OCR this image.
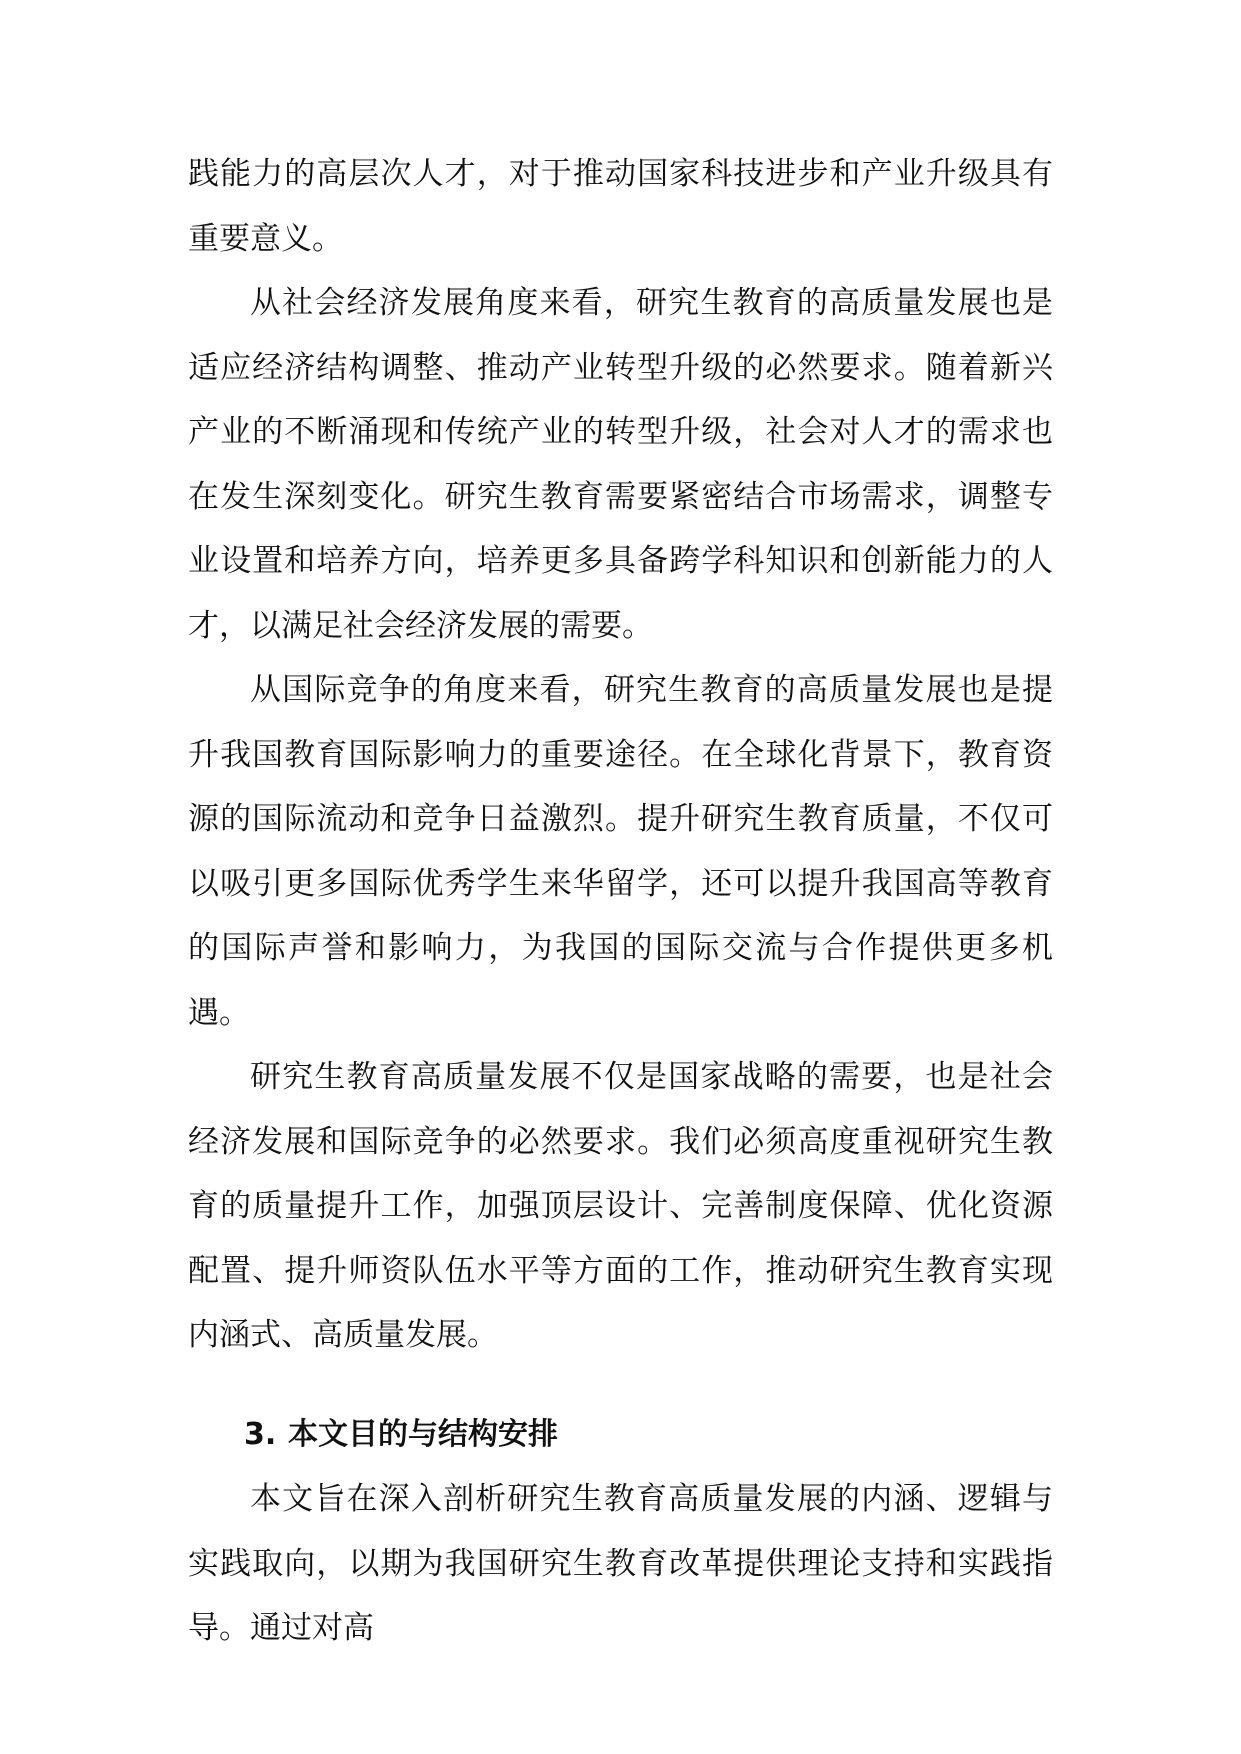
践能力的高层次人才，对于推动国家科技进步和产业升级具有重要意义。

从社会经济发展角度来看，研究生教育的高质量发展也是适应经济结构调整、推动产业转型升级的必然要求。随着新兴产业的不断涌现和传统产业的转型升级，社会对人才的需求也在发生深刻变化。研究生教育需要紧密结合市场需求，调整专业设置和培养方向，培养更多具备跨学科知识和创新能力的人才，以满足社会经济发展的需要。

从国际竞争的角度来看，研究生教育的高质量发展也是提升我国教育国际影响力的重要途径。在全球化背景下，教育资源的国际流动和竞争日益激烈。提升研究生教育质量，不仅可以吸引更多国际优秀学生来华留学，还可以提升我国高等教育的国际声誉和影响力，为我国的国际交流与合作提供更多机遇。

研究生教育高质量发展不仅是国家战略的需要，也是社会经济发展和国际竞争的必然要求。我们必须高度重视研究生教育的质量提升工作，加强顶层设计、完善制度保障、优化资源配置、提升师资队伍水平等方面的工作，推动研究生教育实现内涵式、高质量发展。

3. 本文目的与结构安排

本文旨在深入剖析研究生教育高质量发展的内涵、逻辑与实践取向，以期为我国研究生教育改革提供理论支持和实践指导。通过对高
